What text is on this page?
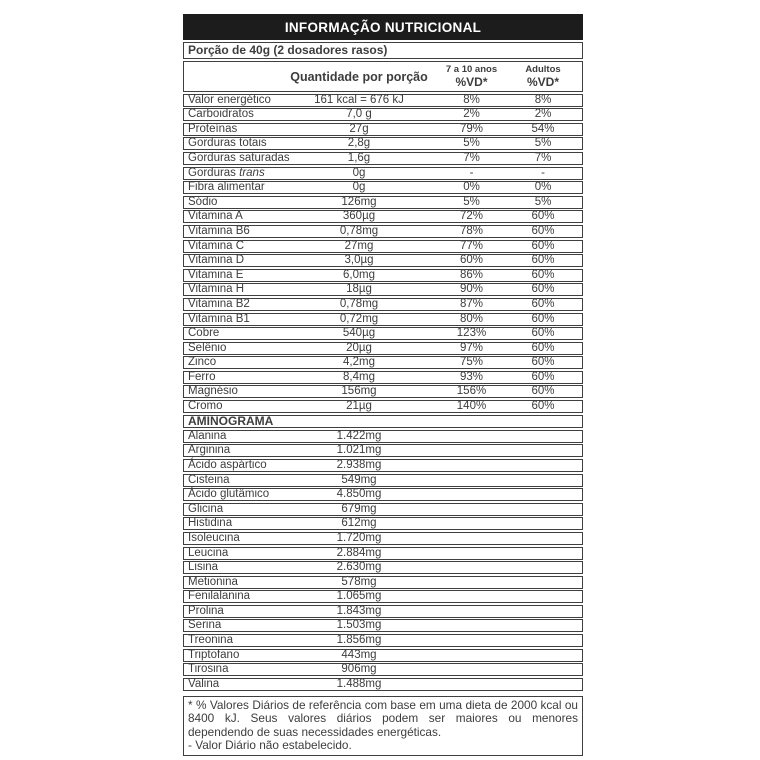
INFORMAÇÃO NUTRICIONAL
Porção de 40g (2 dosadores rasos)
Quantidade por porção
7 a 10 anos
%VD*
Adultos
%VD*
Valor energético	161 kcal = 676 kJ	8%	8%
Carboidratos	7,0 g	2%	2%
Proteínas	27g	79%	54%
Gorduras totais	2,8g	5%	5%
Gorduras saturadas	1,6g	7%	7%
Gorduras trans	0g	-	-
Fibra alimentar	0g	0%	0%
Sódio	126mg	5%	5%
Vitamina A	360µg	72%	60%
Vitamina B6	0,78mg	78%	60%
Vitamina C	27mg	77%	60%
Vitamina D	3,0µg	60%	60%
Vitamina E	6,0mg	86%	60%
Vitamina H	18µg	90%	60%
Vitamina B2	0,78mg	87%	60%
Vitamina B1	0,72mg	80%	60%
Cobre	540µg	123%	60%
Selênio	20µg	97%	60%
Zinco	4,2mg	75%	60%
Ferro	8,4mg	93%	60%
Magnésio	156mg	156%	60%
Cromo	21µg	140%	60%
AMINOGRAMA
Alanina	1.422mg
Arginina	1.021mg
Ácido aspártico	2.938mg
Cisteina	549mg
Ácido glutâmico	4.850mg
Glicina	679mg
Histidina	612mg
Isoleucina	1.720mg
Leucina	2.884mg
Lisina	2.630mg
Metionina	578mg
Fenilalanina	1.065mg
Prolina	1.843mg
Serina	1.503mg
Treonina	1.856mg
Triptofano	443mg
Tirosina	906mg
Valina	1.488mg
* % Valores Diários de referência com base em uma dieta de 2000 kcal ou 8400 kJ. Seus valores diários podem ser maiores ou menores dependendo de suas necessidades energéticas.
- Valor Diário não estabelecido.
